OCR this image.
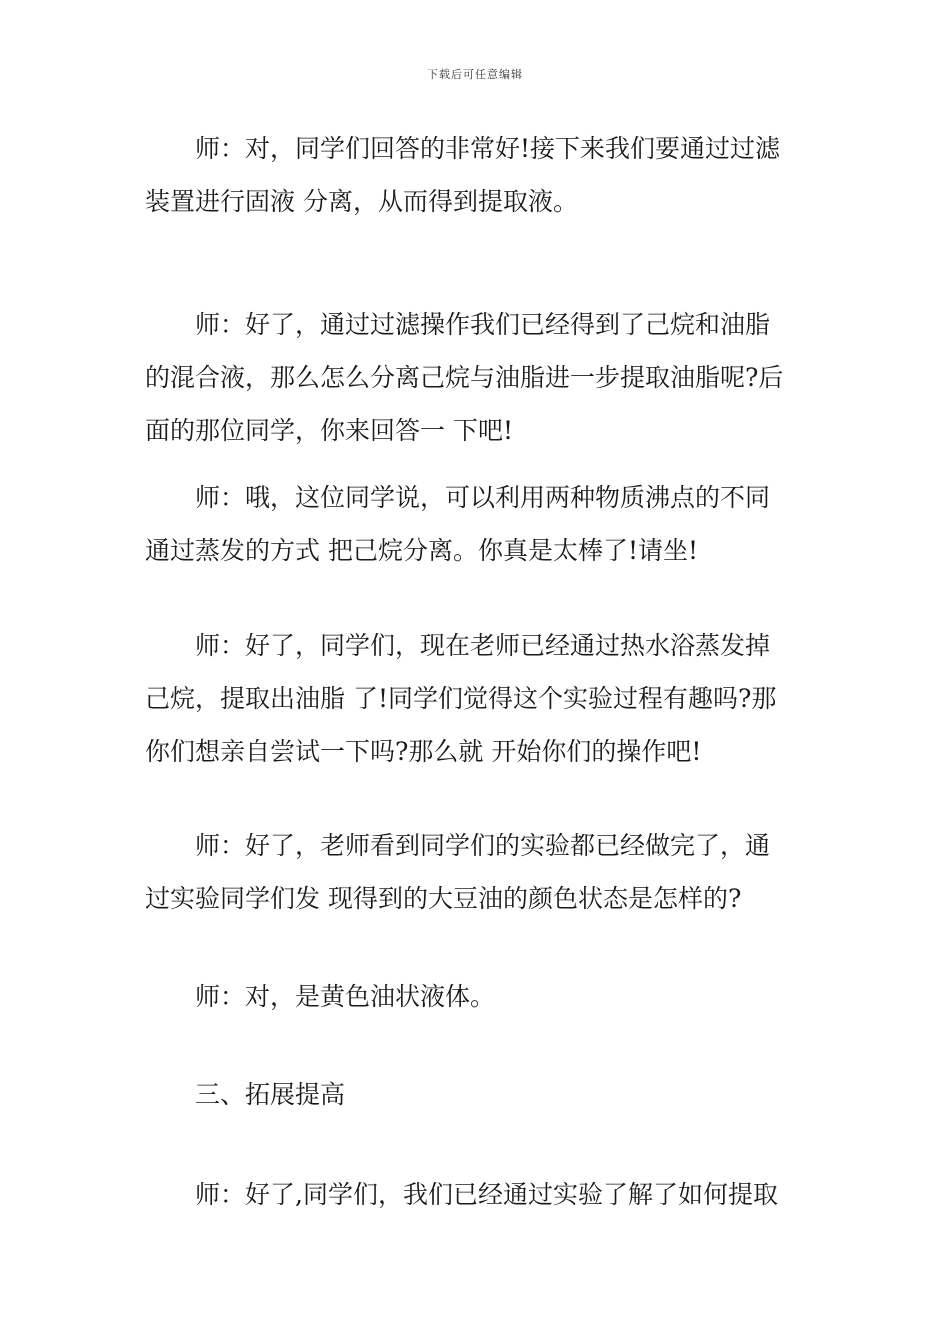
下载后可任意编辑
师：对，同学们回答的非常好!接下来我们要通过过滤
装置进行固液 分离，从而得到提取液。
师：好了，通过过滤操作我们已经得到了己烷和油脂
的混合液，那么怎么分离己烷与油脂进一步提取油脂呢?后
面的那位同学，你来回答一 下吧!
师：哦，这位同学说，可以利用两种物质沸点的不同
通过蒸发的方式 把己烷分离。你真是太棒了!请坐!
师：好了，同学们，现在老师已经通过热水浴蒸发掉
己烷，提取出油脂 了!同学们觉得这个实验过程有趣吗?那
你们想亲自尝试一下吗?那么就 开始你们的操作吧!
师：好了，老师看到同学们的实验都已经做完了，通
过实验同学们发 现得到的大豆油的颜色状态是怎样的?
师：对，是黄色油状液体。
三、拓展提高
师：好了,同学们，我们已经通过实验了解了如何提取
